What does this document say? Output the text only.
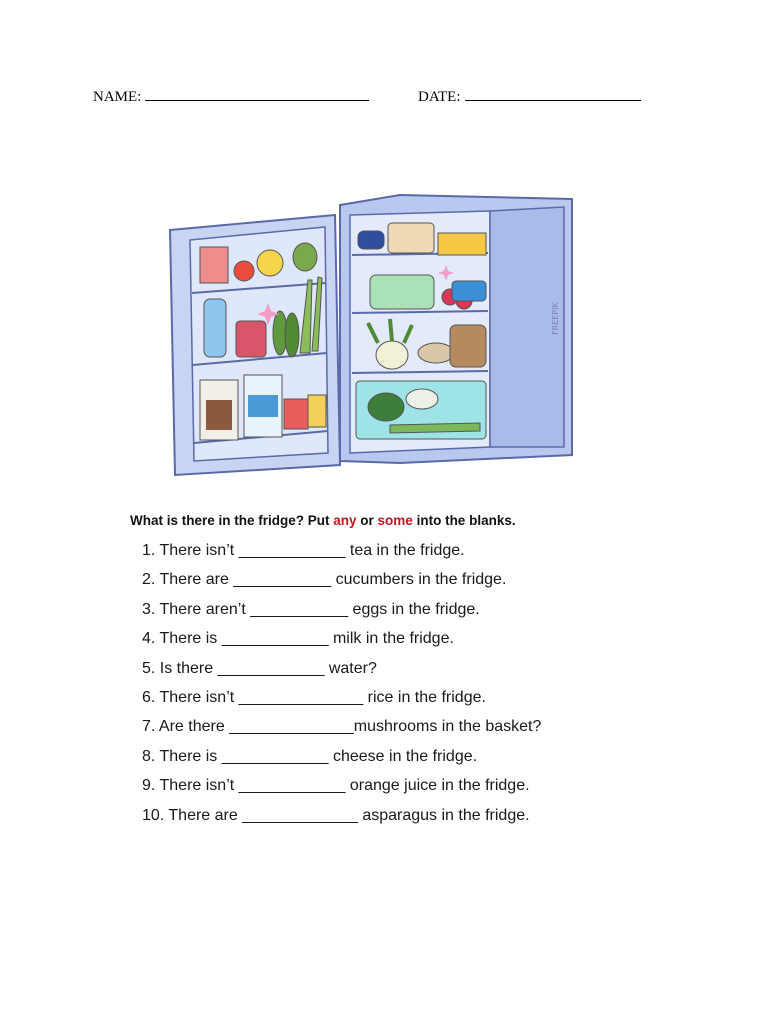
NAME:	DATE:
FREEPIK
What is there in the fridge? Put any or some into the blanks.
1. There isn’t ____________ tea in the fridge.
2. There are ___________ cucumbers in the fridge.
3. There aren’t ___________ eggs in the fridge.
4. There is ____________ milk in the fridge.
5. Is there ____________ water?
6. There isn’t ______________ rice in the fridge.
7. Are there ______________mushrooms in the basket?
8. There is ____________ cheese in the fridge.
9. There isn’t ____________ orange juice in the fridge.
10. There are _____________ asparagus in the fridge.
